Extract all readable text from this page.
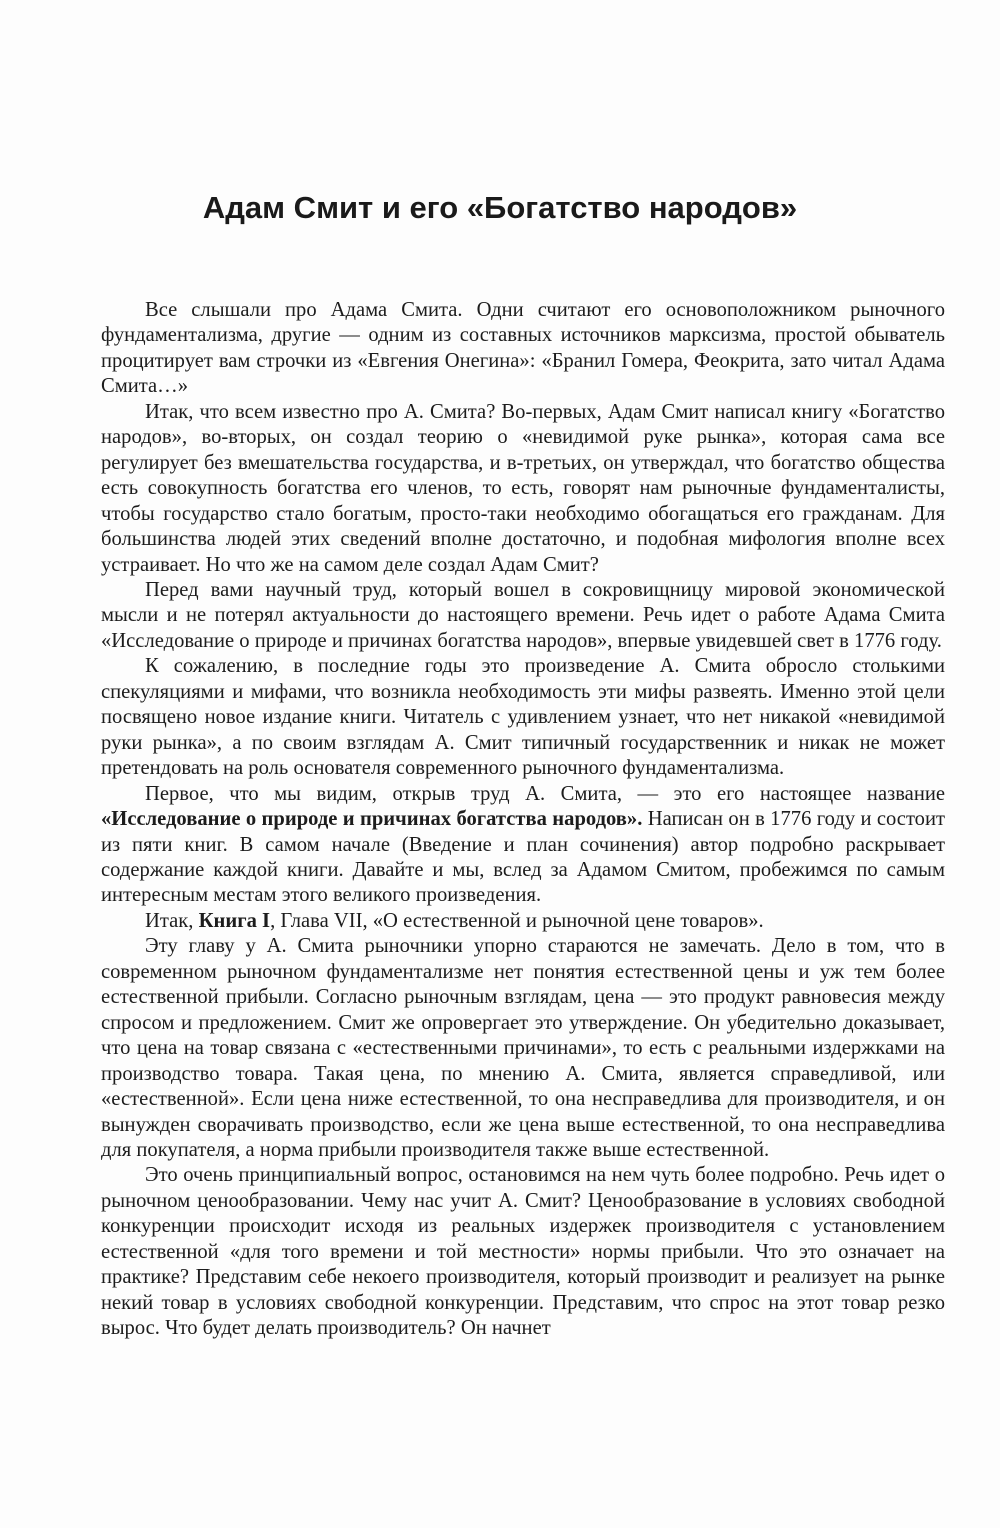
Адам Смит и его «Богатство народов»

Все слышали про Адама Смита. Одни считают его основоположником рыночного фундаментализма, другие — одним из составных источников марксизма, простой обыватель процитирует вам строчки из «Евгения Онегина»: «Бранил Гомера, Феокрита, зато читал Адама Смита…»

Итак, что всем известно про А. Смита? Во-первых, Адам Смит написал книгу «Богатство народов», во-вторых, он создал теорию о «невидимой руке рынка», которая сама все регулирует без вмешательства государства, и в-третьих, он утверждал, что богатство общества есть совокупность богатства его членов, то есть, говорят нам рыночные фундаменталисты, чтобы государство стало богатым, просто-таки необходимо обогащаться его гражданам. Для большинства людей этих сведений вполне достаточно, и подобная мифология вполне всех устраивает. Но что же на самом деле создал Адам Смит?

Перед вами научный труд, который вошел в сокровищницу мировой экономической мысли и не потерял актуальности до настоящего времени. Речь идет о работе Адама Смита «Исследование о природе и причинах богатства народов», впервые увидевшей свет в 1776 году.

К сожалению, в последние годы это произведение А. Смита обросло столькими спекуляциями и мифами, что возникла необходимость эти мифы развеять. Именно этой цели посвящено новое издание книги. Читатель с удивлением узнает, что нет никакой «невидимой руки рынка», а по своим взглядам А. Смит типичный государственник и никак не может претендовать на роль основателя современного рыночного фундаментализма.

Первое, что мы видим, открыв труд А. Смита, — это его настоящее название «Исследование о природе и причинах богатства народов». Написан он в 1776 году и состоит из пяти книг. В самом начале (Введение и план сочинения) автор подробно раскрывает содержание каждой книги. Давайте и мы, вслед за Адамом Смитом, пробежимся по самым интересным местам этого великого произведения.

Итак, Книга I, Глава VII, «О естественной и рыночной цене товаров».

Эту главу у А. Смита рыночники упорно стараются не замечать. Дело в том, что в современном рыночном фундаментализме нет понятия естественной цены и уж тем более естественной прибыли. Согласно рыночным взглядам, цена — это продукт равновесия между спросом и предложением. Смит же опровергает это утверждение. Он убедительно доказывает, что цена на товар связана с «естественными причинами», то есть с реальными издержками на производство товара. Такая цена, по мнению А. Смита, является справедливой, или «естественной». Если цена ниже естественной, то она несправедлива для производителя, и он вынужден сворачивать производство, если же цена выше естественной, то она несправедлива для покупателя, а норма прибыли производителя также выше естественной.

Это очень принципиальный вопрос, остановимся на нем чуть более подробно. Речь идет о рыночном ценообразовании. Чему нас учит А. Смит? Ценообразование в условиях свободной конкуренции происходит исходя из реальных издержек производителя с установлением естественной «для того времени и той местности» нормы прибыли. Что это означает на практике? Представим себе некоего производителя, который производит и реализует на рынке некий товар в условиях свободной конкуренции. Представим, что спрос на этот товар резко вырос. Что будет делать производитель? Он начнет
